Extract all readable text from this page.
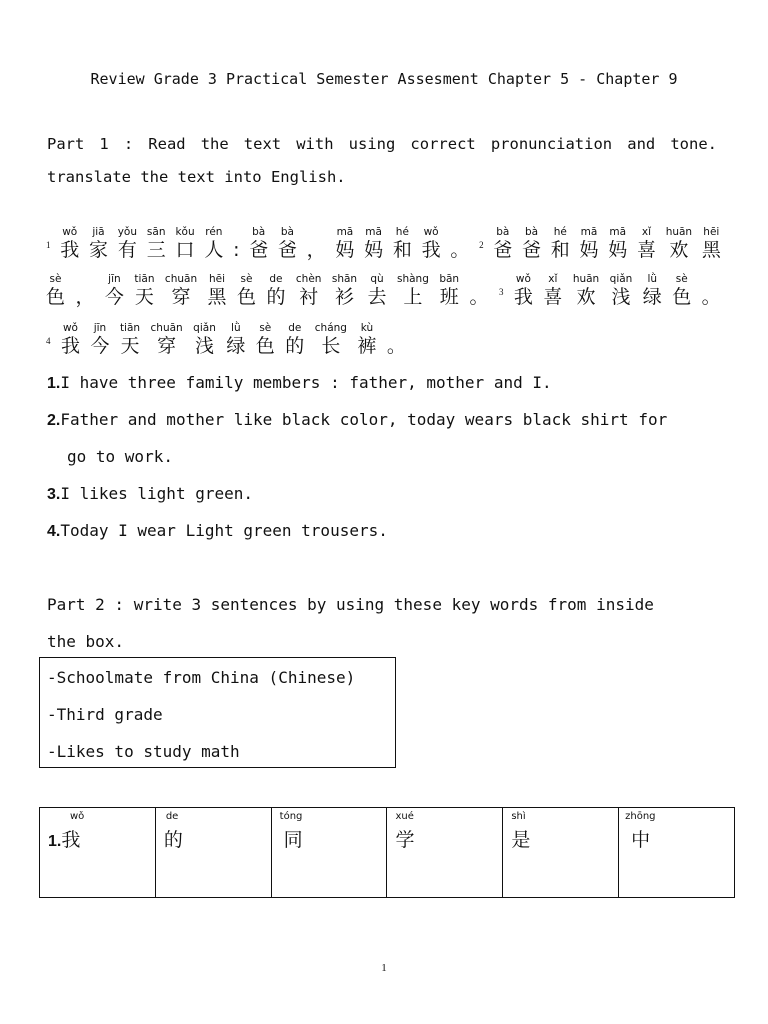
Review Grade 3 Practical Semester Assesment Chapter 5 - Chapter 9
Part 1 : Read the text with using correct pronunciation and tone. translate the text into English.
1
wǒ
我
jiā
家
yǒu
有
sān
三
kǒu
口
rén
人 :
bà
爸
bà
爸 ，
mā
妈
mā
妈
hé
和
wǒ
我 。 2
bà
爸
bà
爸
hé
和
mā
妈
mā
妈
xǐ
喜
huān
欢
hēi
黑
sè
色 ，
jīn
今
tiān
天
chuān
穿
hēi
黑
sè
色
de
的
chèn
衬
shān
衫
qù
去
shàng
上
bān
班 。 3
wǒ
我
xǐ
喜
huān
欢
qiǎn
浅
lǜ
绿
sè
色 。
4
wǒ
我
jīn
今
tiān
天
chuān
穿
qiǎn
浅
lǜ
绿
sè
色
de
的
cháng
长
kù
裤 。
1.I have three family members : father, mother and I.
2.Father and mother like black color, today wears black shirt for
go to work.
3.I likes light green.
4.Today I wear Light green trousers.
Part 2 : write 3 sentences by using these key words from inside
the box.
-Schoolmate from China (Chinese)
-Third grade
-Likes to study math
wǒ
1.我
de
的
tóng
同
xué
学
shì
是
zhōng
中
1
